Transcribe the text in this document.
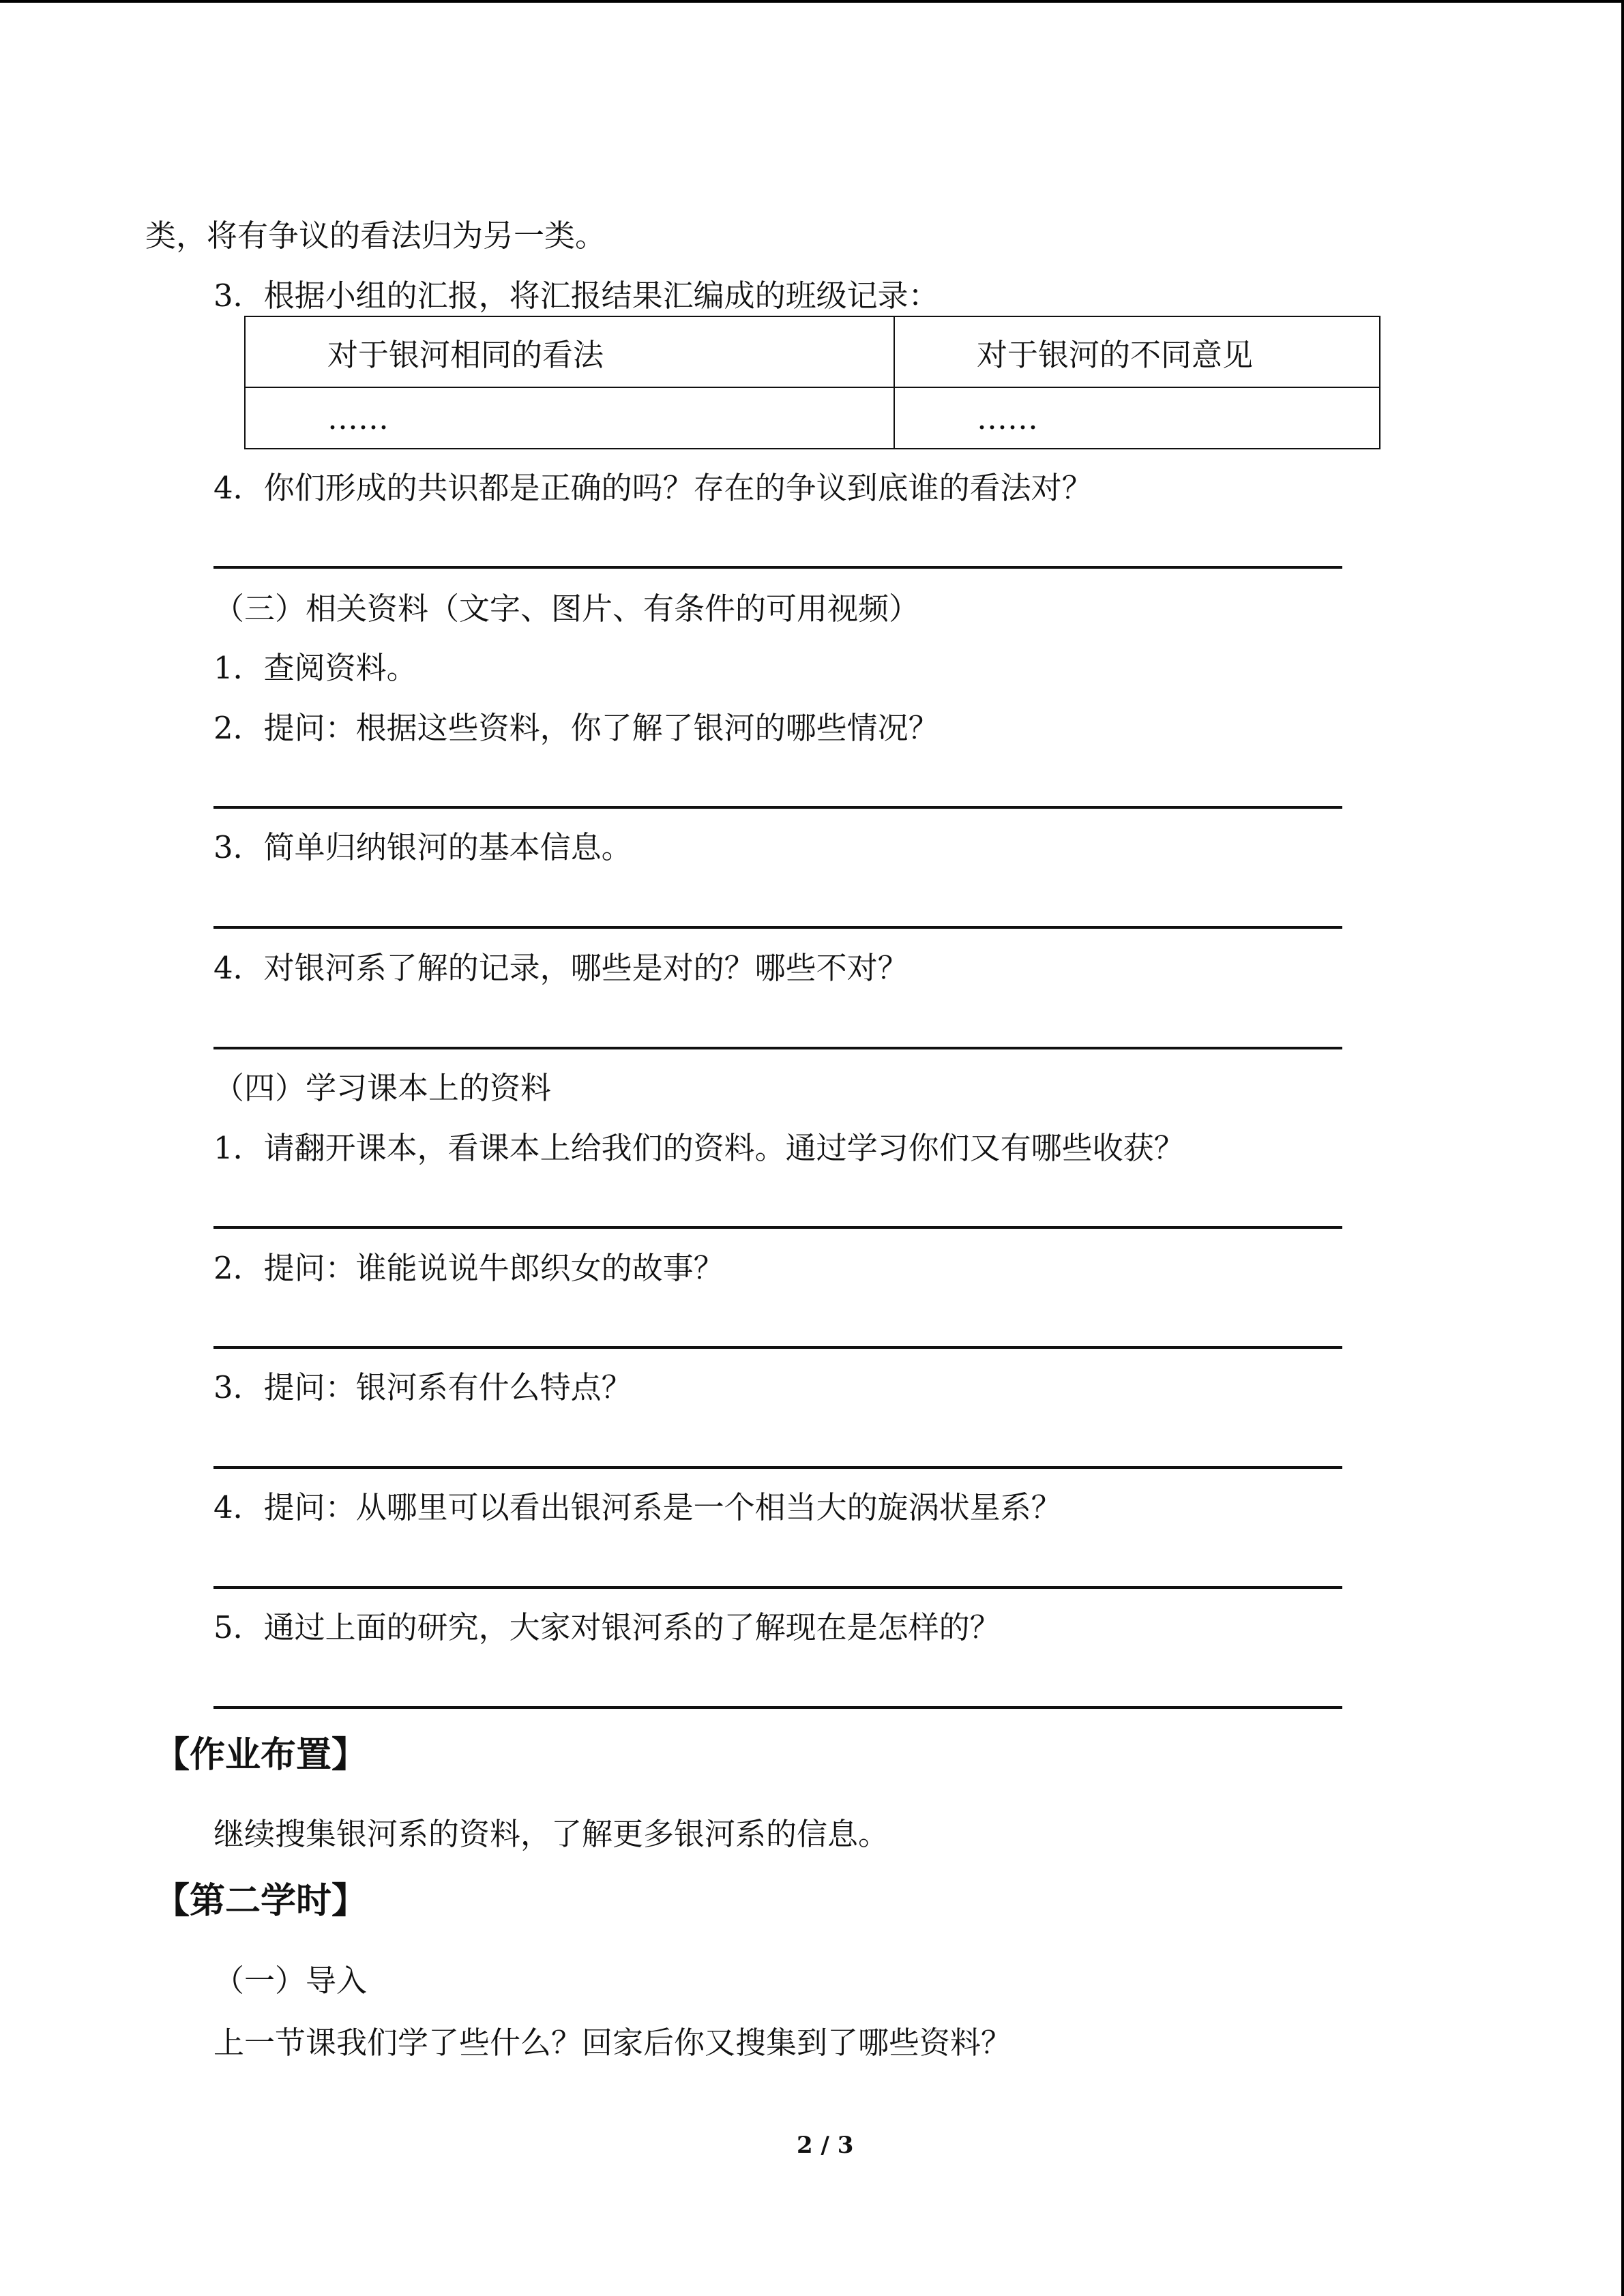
类，将有争议的看法归为另一类。
3．根据小组的汇报，将汇报结果汇编成的班级记录：
对于银河相同的看法	对于银河的不同意见
……	……
4．你们形成的共识都是正确的吗？存在的争议到底谁的看法对？
（三）相关资料（文字、图片、有条件的可用视频）
1．查阅资料。
2．提问：根据这些资料，你了解了银河的哪些情况？
3．简单归纳银河的基本信息。
4．对银河系了解的记录，哪些是对的？哪些不对？
（四）学习课本上的资料
1．请翻开课本，看课本上给我们的资料。通过学习你们又有哪些收获？
2．提问：谁能说说牛郎织女的故事？
3．提问：银河系有什么特点？
4．提问：从哪里可以看出银河系是一个相当大的旋涡状星系？
5．通过上面的研究，大家对银河系的了解现在是怎样的？
【作业布置】
继续搜集银河系的资料，了解更多银河系的信息。
【第二学时】
（一）导入
上一节课我们学了些什么？回家后你又搜集到了哪些资料？
2 / 3
